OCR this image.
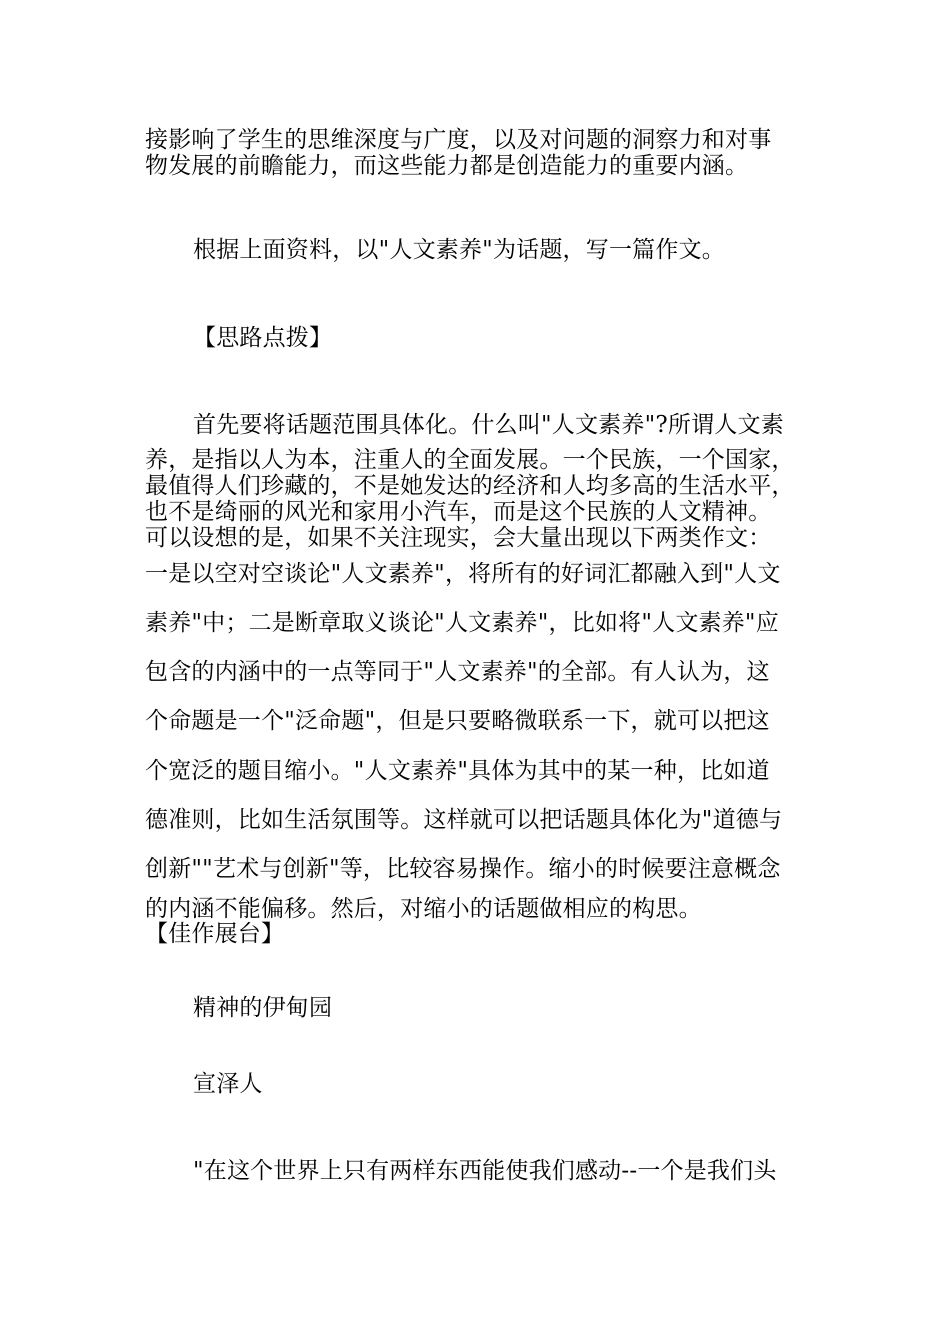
接影响了学生的思维深度与广度，以及对问题的洞察力和对事
物发展的前瞻能力，而这些能力都是创造能力的重要内涵。
根据上面资料，以"人文素养"为话题，写一篇作文。
【思路点拨】
首先要将话题范围具体化。什么叫"人文素养"?所谓人文素
养，是指以人为本，注重人的全面发展。一个民族，一个国家，
最值得人们珍藏的，不是她发达的经济和人均多高的生活水平，
也不是绮丽的风光和家用小汽车，而是这个民族的人文精神。
可以设想的是，如果不关注现实，会大量出现以下两类作文：
一是以空对空谈论"人文素养"，将所有的好词汇都融入到"人文
素养"中；二是断章取义谈论"人文素养"，比如将"人文素养"应
包含的内涵中的一点等同于"人文素养"的全部。有人认为，这
个命题是一个"泛命题"，但是只要略微联系一下，就可以把这
个宽泛的题目缩小。"人文素养"具体为其中的某一种，比如道
德准则，比如生活氛围等。这样就可以把话题具体化为"道德与
创新""艺术与创新"等，比较容易操作。缩小的时候要注意概念
的内涵不能偏移。然后，对缩小的话题做相应的构思。
【佳作展台】
精神的伊甸园
宣泽人
"在这个世界上只有两样东西能使我们感动--一个是我们头
